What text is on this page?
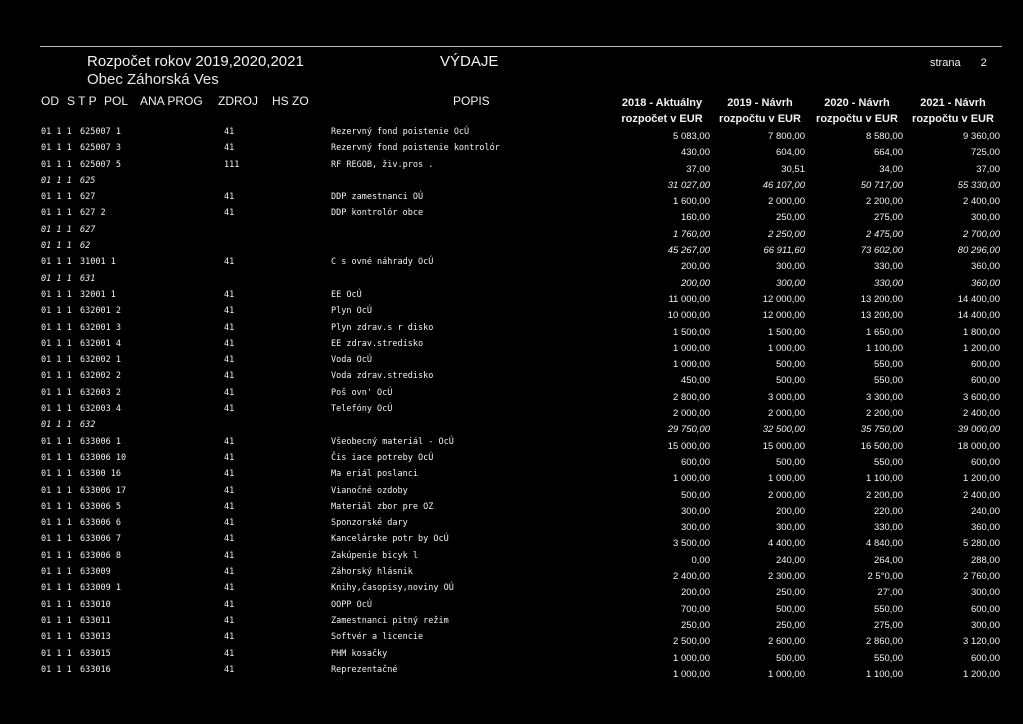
Rozpočet rokov 2019,2020,2021
Obec Záhorská Ves
VÝDAJE	strana 2
OD S T P POL ANA PROG ZDROJ HS ZO	POPIS	2018 - Aktuálny
rozpočet v EUR
2019 - Návrh
rozpočtu v EUR
2020 - Návrh
rozpočtu v EUR
2021 - Návrh
rozpočtu v EUR
01 1 1 625007 1	41	Rezervný fond poistenie OcÚ	5 083,00	7 800,00	8 580,00	9 360,00
01 1 1 625007 3	41	Rezervný fond poistenie kontrolór	430,00	604,00	664,00	725,00
01 1 1 625007 5	111	RF REGOB, živ.pros .	37,00	30,51	34,00	37,00
01 1 1 625	31 027,00	46 107,00	50 717,00	55 330,00
01 1 1 627	41	DDP zamestnanci OÚ	1 600,00	2 000,00	2 200,00	2 400,00
01 1 1 627 2	41	DDP kontrolór obce	160,00	250,00	275,00	300,00
01 1 1 627	1 760,00	2 250,00	2 475,00	2 700,00
01 1 1 62	45 267,00	66 911,60	73 602,00	80 296,00
01 1 1 31001 1	41	C s ovné náhrady OcÚ	200,00	300,00	330,00	360,00
01 1 1 631	200,00	300,00	330,00	360,00
01 1 1 32001 1	41	EE OcÚ	11 000,00	12 000,00	13 200,00	14 400,00
01 1 1 632001 2	41	Plyn OcÚ	10 000,00	12 000,00	13 200,00	14 400,00
01 1 1 632001 3	41	Plyn zdrav.s r disko	1 500,00	1 500,00	1 650,00	1 800,00
01 1 1 632001 4	41	EE zdrav.stredisko	1 000,00	1 000,00	1 100,00	1 200,00
01 1 1 632002 1	41	Voda OcÚ	1 000,00	500,00	550,00	600,00
01 1 1 632002 2	41	Voda zdrav.stredisko	450,00	500,00	550,00	600,00
01 1 1 632003 2	41	Poš ovn' OcÚ	2 800,00	3 000,00	3 300,00	3 600,00
01 1 1 632003 4	41	Telefóny OcÚ	2 000,00	2 000,00	2 200,00	2 400,00
01 1 1 632	29 750,00	32 500,00	35 750,00	39 000,00
01 1 1 633006 1	41	Všeobecný materiál - OcÚ	15 000,00	15 000,00	16 500,00	18 000,00
01 1 1 633006 10	41	Čis iace potreby OcÚ	600,00	500,00	550,00	600,00
01 1 1 63300 16	41	Ma eriál poslanci	1 000,00	1 000,00	1 100,00	1 200,00
01 1 1 633006 17	41	Vianočné ozdoby	500,00	2 000,00	2 200,00	2 400,00
01 1 1 633006 5	41	Materiál zbor pre OZ	300,00	200,00	220,00	240,00
01 1 1 633006 6	41	Sponzorské dary	300,00	300,00	330,00	360,00
01 1 1 633006 7	41	Kancelárske potr by OcÚ	3 500,00	4 400,00	4 840,00	5 280,00
01 1 1 633006 8	41	Zakúpenie bicyk l	0,00	240,00	264,00	288,00
01 1 1 633009	41	Záhorský hlásnik	2 400,00	2 300,00	2 5°0,00	2 760,00
01 1 1 633009 1	41	Knihy,časopisy,noviny OÚ	200,00	250,00	27',00	300,00
01 1 1 633010	41	OOPP OcÚ	700,00	500,00	550,00	600,00
01 1 1 633011	41	Zamestnanci pitný režim	250,00	250,00	275,00	300,00
01 1 1 633013	41	Softvér a licencie	2 500,00	2 600,00	2 860,00	3 120,00
01 1 1 633015	41	PHM kosačky	1 000,00	500,00	550,00	600,00
01 1 1 633016	41	Reprezentačné	1 000,00	1 000,00	1 100,00	1 200,00
